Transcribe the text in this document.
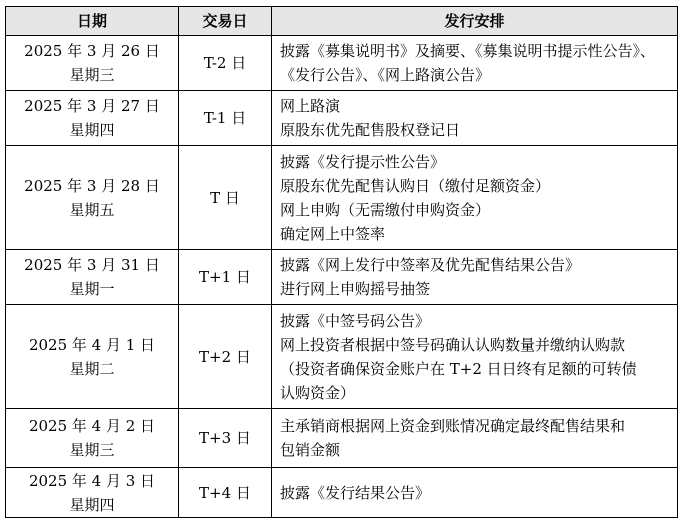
日期	交易日	发行安排

2025 年 3 月 26 日
星期三	T-2 日	披露《募集说明书》及摘要、《募集说明书提示性公告》、
《发行公告》、《网上路演公告》

2025 年 3 月 27 日
星期四	T-1 日	网上路演
原股东优先配售股权登记日

2025 年 3 月 28 日
星期五	T 日	披露《发行提示性公告》
原股东优先配售认购日（缴付足额资金）
网上申购（无需缴付申购资金）
确定网上中签率

2025 年 3 月 31 日
星期一	T+1 日	披露《网上发行中签率及优先配售结果公告》
进行网上申购摇号抽签

2025 年 4 月 1 日
星期二	T+2 日	披露《中签号码公告》
网上投资者根据中签号码确认认购数量并缴纳认购款
（投资者确保资金账户在 T+2 日日终有足额的可转债
认购资金）

2025 年 4 月 2 日
星期三	T+3 日	主承销商根据网上资金到账情况确定最终配售结果和
包销金额

2025 年 4 月 3 日
星期四	T+4 日	披露《发行结果公告》
